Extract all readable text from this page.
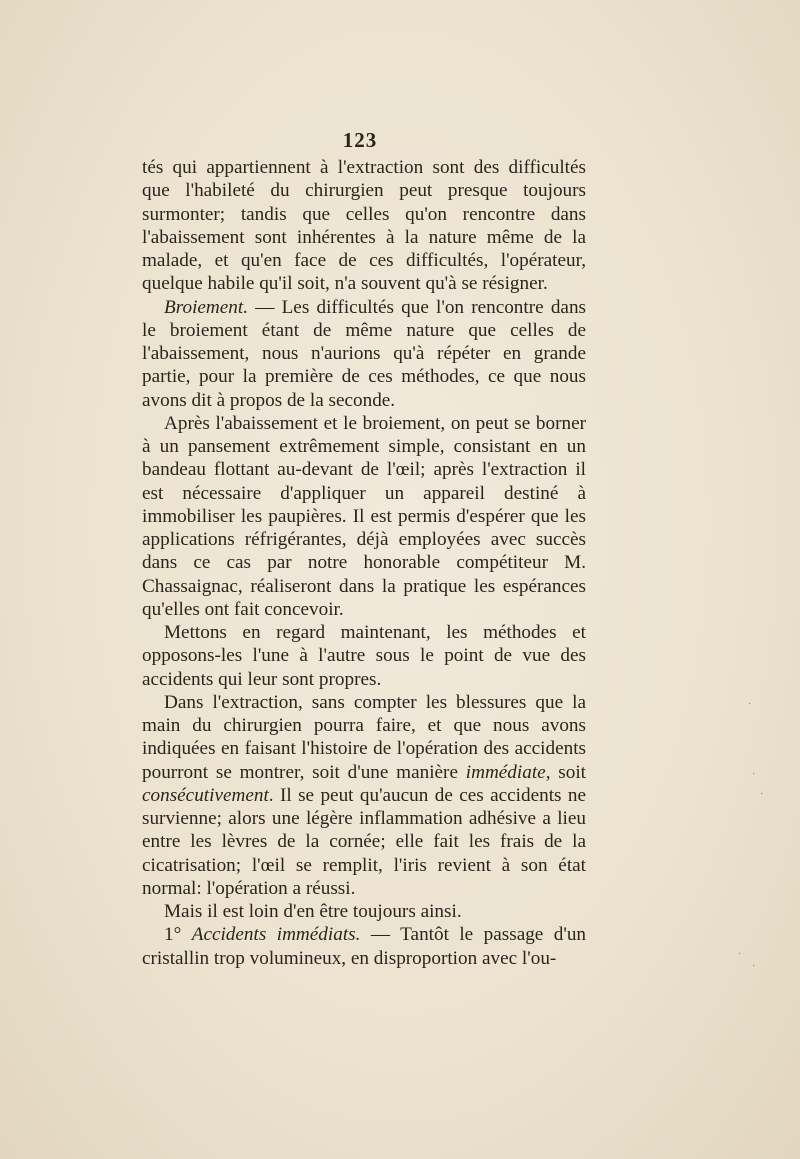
123

tés qui appartiennent à l'extraction sont des difficultés que l'habileté du chirurgien peut presque toujours surmonter; tandis que celles qu'on rencontre dans l'abaissement sont inhérentes à la nature même de la malade, et qu'en face de ces difficultés, l'opérateur, quelque habile qu'il soit, n'a souvent qu'à se résigner.

Broiement. — Les difficultés que l'on rencontre dans le broiement étant de même nature que celles de l'abaissement, nous n'aurions qu'à répéter en grande partie, pour la première de ces méthodes, ce que nous avons dit à propos de la seconde.

Après l'abaissement et le broiement, on peut se borner à un pansement extrêmement simple, consistant en un bandeau flottant au-devant de l'œil; après l'extraction il est nécessaire d'appliquer un appareil destiné à immobiliser les paupières. Il est permis d'espérer que les applications réfrigérantes, déjà employées avec succès dans ce cas par notre honorable compétiteur M. Chassaignac, réaliseront dans la pratique les espérances qu'elles ont fait concevoir.

Mettons en regard maintenant, les méthodes et opposons-les l'une à l'autre sous le point de vue des accidents qui leur sont propres.

Dans l'extraction, sans compter les blessures que la main du chirurgien pourra faire, et que nous avons indiquées en faisant l'histoire de l'opération des accidents pourront se montrer, soit d'une manière immédiate, soit consécutivement. Il se peut qu'aucun de ces accidents ne survienne; alors une légère inflammation adhésive a lieu entre les lèvres de la cornée; elle fait les frais de la cicatrisation; l'œil se remplit, l'iris revient à son état normal: l'opération a réussi.

Mais il est loin d'en être toujours ainsi.

1° Accidents immédiats. — Tantôt le passage d'un cristallin trop volumineux, en disproportion avec l'ou-

·
·
·
·
·
